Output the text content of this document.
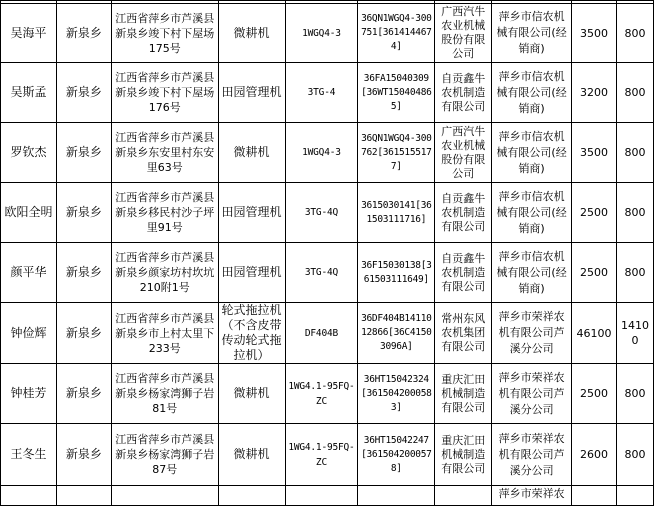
吴海平	新泉乡	江西省萍乡市芦溪县新泉乡竣下村下屋场175号	微耕机	1WGQ4-3	36QN1WGQ4-300751[3614144674]	广西汽牛农业机械股份有限公司	萍乡市信农机械有限公司(经销商)	3500	800
吴斯孟	新泉乡	江西省萍乡市芦溪县新泉乡竣下村下屋场176号	田园管理机	3TG-4	36FA15040309[36WT150404865]	自贡鑫牛农机制造有限公司	萍乡市信农机械有限公司(经销商)	3200	800
罗钦杰	新泉乡	江西省萍乡市芦溪县新泉乡东安里村东安里63号	微耕机	1WGQ4-3	36QN1WGQ4-300762[3615155177]	广西汽牛农业机械股份有限公司	萍乡市信农机械有限公司(经销商)	3500	800
欧阳全明	新泉乡	江西省萍乡市芦溪县新泉乡移民村沙子坪里91号	田园管理机	3TG-4Q	3615030141[361503111716]	自贡鑫牛农机制造有限公司	萍乡市信农机械有限公司(经销商)	2500	800
颜平华	新泉乡	江西省萍乡市芦溪县新泉乡颜家坊村坎坑210附1号	田园管理机	3TG-4Q	36F15030138[361503111649]	自贡鑫牛农机制造有限公司	萍乡市信农机械有限公司(经销商)	2500	800
钟俭辉	新泉乡	江西省萍乡市芦溪县新泉乡市上村太里下233号	轮式拖拉机（不含皮带传动轮式拖拉机）	DF404B	36DF404B1411012866[36C41503096A]	常州东风农机集团有限公司	萍乡市荣祥农机有限公司芦溪分公司	46100	14100
钟桂芳	新泉乡	江西省萍乡市芦溪县新泉乡杨家湾狮子岩81号	微耕机	1WG4.1-95FQ-ZC	36HT15042324[3615042000583]	重庆汇田机械制造有限公司	萍乡市荣祥农机有限公司芦溪分公司	2500	800
王冬生	新泉乡	江西省萍乡市芦溪县新泉乡杨家湾狮子岩87号	微耕机	1WG4.1-95FQ-ZC	36HT15042247[3615042000578]	重庆汇田机械制造有限公司	萍乡市荣祥农机有限公司芦溪分公司	2600	800
							萍乡市荣祥农		
